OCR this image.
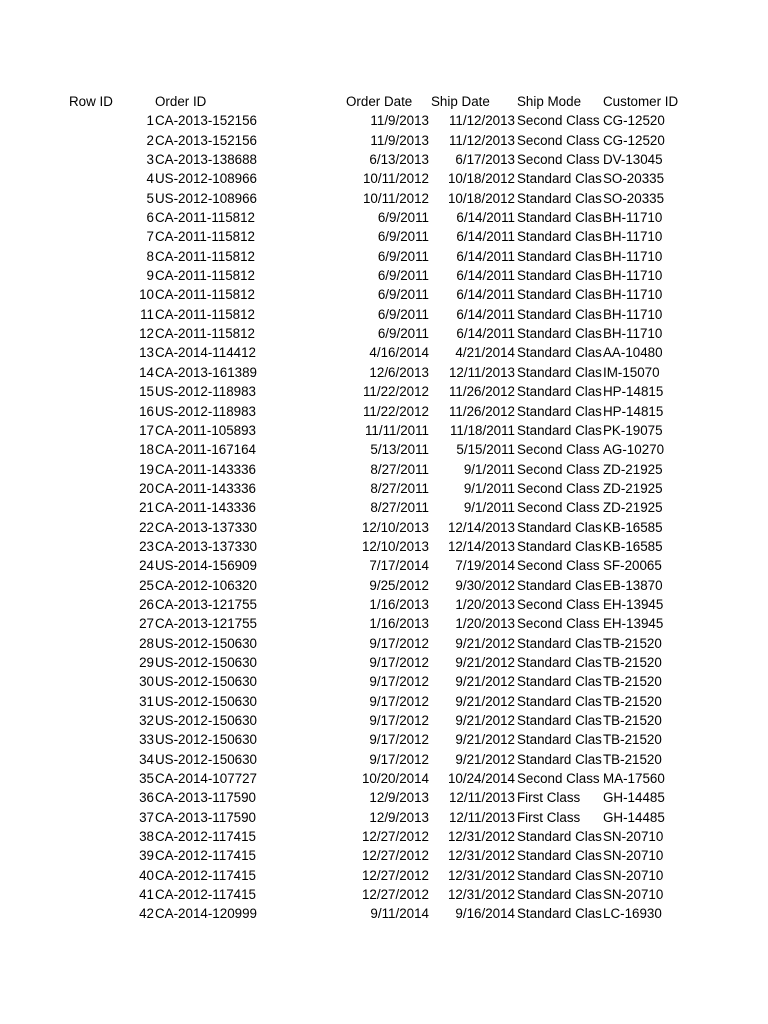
Row ID	Order ID	Order Date	Ship Date	Ship Mode	Customer ID
1 CA-2013-152156	11/9/2013	11/12/2013 Second Class CG-12520
2 CA-2013-152156	11/9/2013	11/12/2013 Second Class CG-12520
3 CA-2013-138688	6/13/2013	6/17/2013 Second Class DV-13045
4 US-2012-108966	10/11/2012	10/18/2012 Standard Clas SO-20335
5 US-2012-108966	10/11/2012	10/18/2012 Standard Clas SO-20335
6 CA-2011-115812	6/9/2011	6/14/2011 Standard Clas BH-11710
7 CA-2011-115812	6/9/2011	6/14/2011 Standard Clas BH-11710
8 CA-2011-115812	6/9/2011	6/14/2011 Standard Clas BH-11710
9 CA-2011-115812	6/9/2011	6/14/2011 Standard Clas BH-11710
10 CA-2011-115812	6/9/2011	6/14/2011 Standard Clas BH-11710
11 CA-2011-115812	6/9/2011	6/14/2011 Standard Clas BH-11710
12 CA-2011-115812	6/9/2011	6/14/2011 Standard Clas BH-11710
13 CA-2014-114412	4/16/2014	4/21/2014 Standard Clas AA-10480
14 CA-2013-161389	12/6/2013	12/11/2013 Standard Clas IM-15070
15 US-2012-118983	11/22/2012	11/26/2012 Standard Clas HP-14815
16 US-2012-118983	11/22/2012	11/26/2012 Standard Clas HP-14815
17 CA-2011-105893	11/11/2011	11/18/2011 Standard Clas PK-19075
18 CA-2011-167164	5/13/2011	5/15/2011 Second Class AG-10270
19 CA-2011-143336	8/27/2011	9/1/2011 Second Class ZD-21925
20 CA-2011-143336	8/27/2011	9/1/2011 Second Class ZD-21925
21 CA-2011-143336	8/27/2011	9/1/2011 Second Class ZD-21925
22 CA-2013-137330	12/10/2013	12/14/2013 Standard Clas KB-16585
23 CA-2013-137330	12/10/2013	12/14/2013 Standard Clas KB-16585
24 US-2014-156909	7/17/2014	7/19/2014 Second Class SF-20065
25 CA-2012-106320	9/25/2012	9/30/2012 Standard Clas EB-13870
26 CA-2013-121755	1/16/2013	1/20/2013 Second Class EH-13945
27 CA-2013-121755	1/16/2013	1/20/2013 Second Class EH-13945
28 US-2012-150630	9/17/2012	9/21/2012 Standard Clas TB-21520
29 US-2012-150630	9/17/2012	9/21/2012 Standard Clas TB-21520
30 US-2012-150630	9/17/2012	9/21/2012 Standard Clas TB-21520
31 US-2012-150630	9/17/2012	9/21/2012 Standard Clas TB-21520
32 US-2012-150630	9/17/2012	9/21/2012 Standard Clas TB-21520
33 US-2012-150630	9/17/2012	9/21/2012 Standard Clas TB-21520
34 US-2012-150630	9/17/2012	9/21/2012 Standard Clas TB-21520
35 CA-2014-107727	10/20/2014	10/24/2014 Second Class MA-17560
36 CA-2013-117590	12/9/2013	12/11/2013 First Class	GH-14485
37 CA-2013-117590	12/9/2013	12/11/2013 First Class	GH-14485
38 CA-2012-117415	12/27/2012	12/31/2012 Standard Clas SN-20710
39 CA-2012-117415	12/27/2012	12/31/2012 Standard Clas SN-20710
40 CA-2012-117415	12/27/2012	12/31/2012 Standard Clas SN-20710
41 CA-2012-117415	12/27/2012	12/31/2012 Standard Clas SN-20710
42 CA-2014-120999	9/11/2014	9/16/2014 Standard Clas LC-16930
